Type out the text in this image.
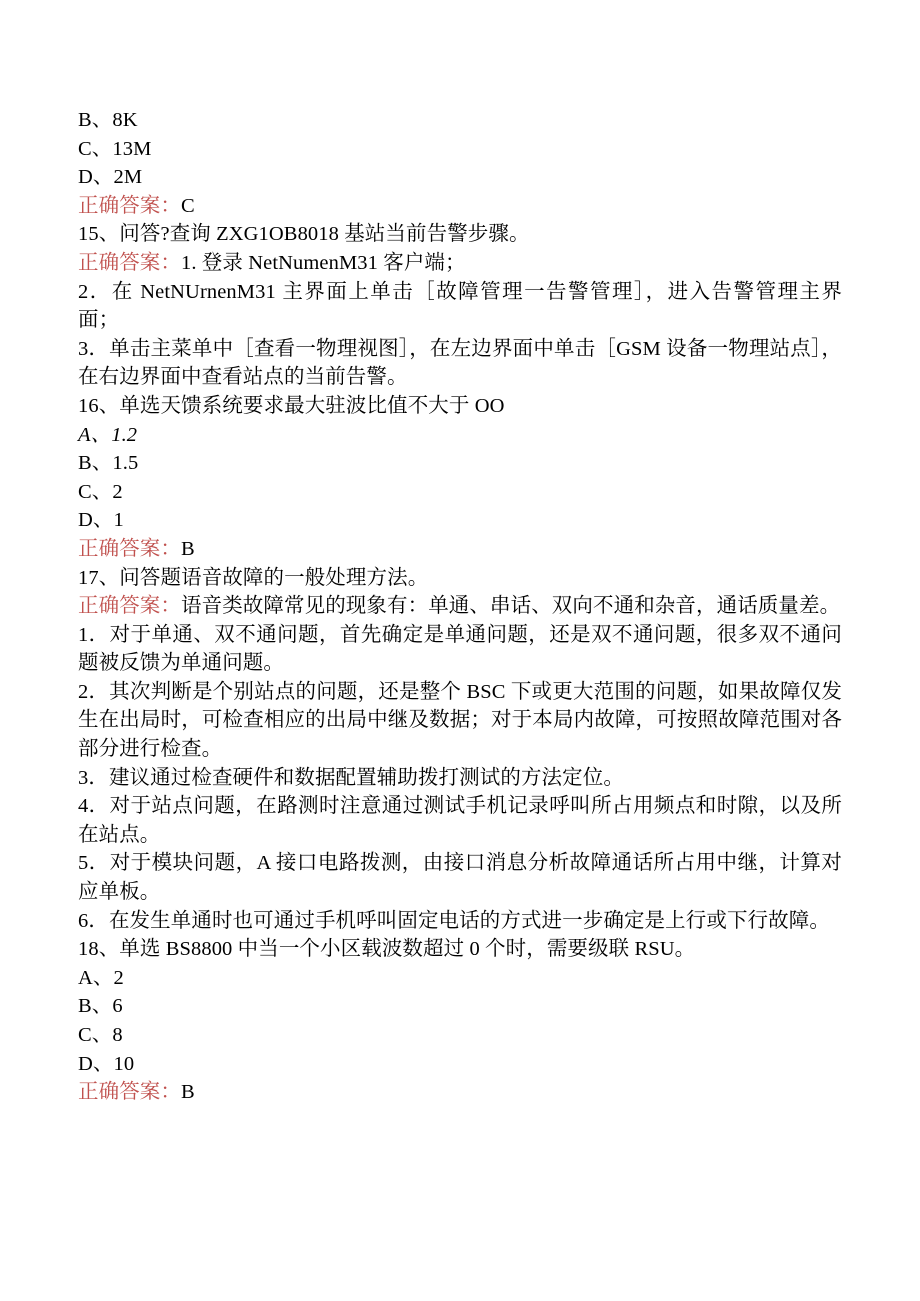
B、8K

C、13M

D、2M

正确答案：C

15、问答?查询 ZXG1OB8018 基站当前告警步骤。

正确答案：1. 登录 NetNumenM31 客户端；

2．在 NetNUrnenM31 主界面上单击［故障管理一告警管理］，进入告警管理主界面；

3．单击主菜单中［查看一物理视图］，在左边界面中单击［GSM 设备一物理站点］，在右边界面中查看站点的当前告警。

16、单选天馈系统要求最大驻波比值不大于 OO

A、1.2

B、1.5

C、2

D、1

正确答案：B

17、问答题语音故障的一般处理方法。

正确答案：语音类故障常见的现象有：单通、串话、双向不通和杂音，通话质量差。

1．对于单通、双不通问题，首先确定是单通问题，还是双不通问题，很多双不通问题被反馈为单通问题。

2．其次判断是个别站点的问题，还是整个 BSC 下或更大范围的问题，如果故障仅发生在出局时，可检查相应的出局中继及数据；对于本局内故障，可按照故障范围对各部分进行检查。

3．建议通过检查硬件和数据配置辅助拨打测试的方法定位。

4．对于站点问题，在路测时注意通过测试手机记录呼叫所占用频点和时隙，以及所在站点。

5．对于模块问题，A 接口电路拨测，由接口消息分析故障通话所占用中继，计算对应单板。

6．在发生单通时也可通过手机呼叫固定电话的方式进一步确定是上行或下行故障。

18、单选 BS8800 中当一个小区载波数超过 0 个时，需要级联 RSU。

A、2

B、6

C、8

D、10

正确答案：B
